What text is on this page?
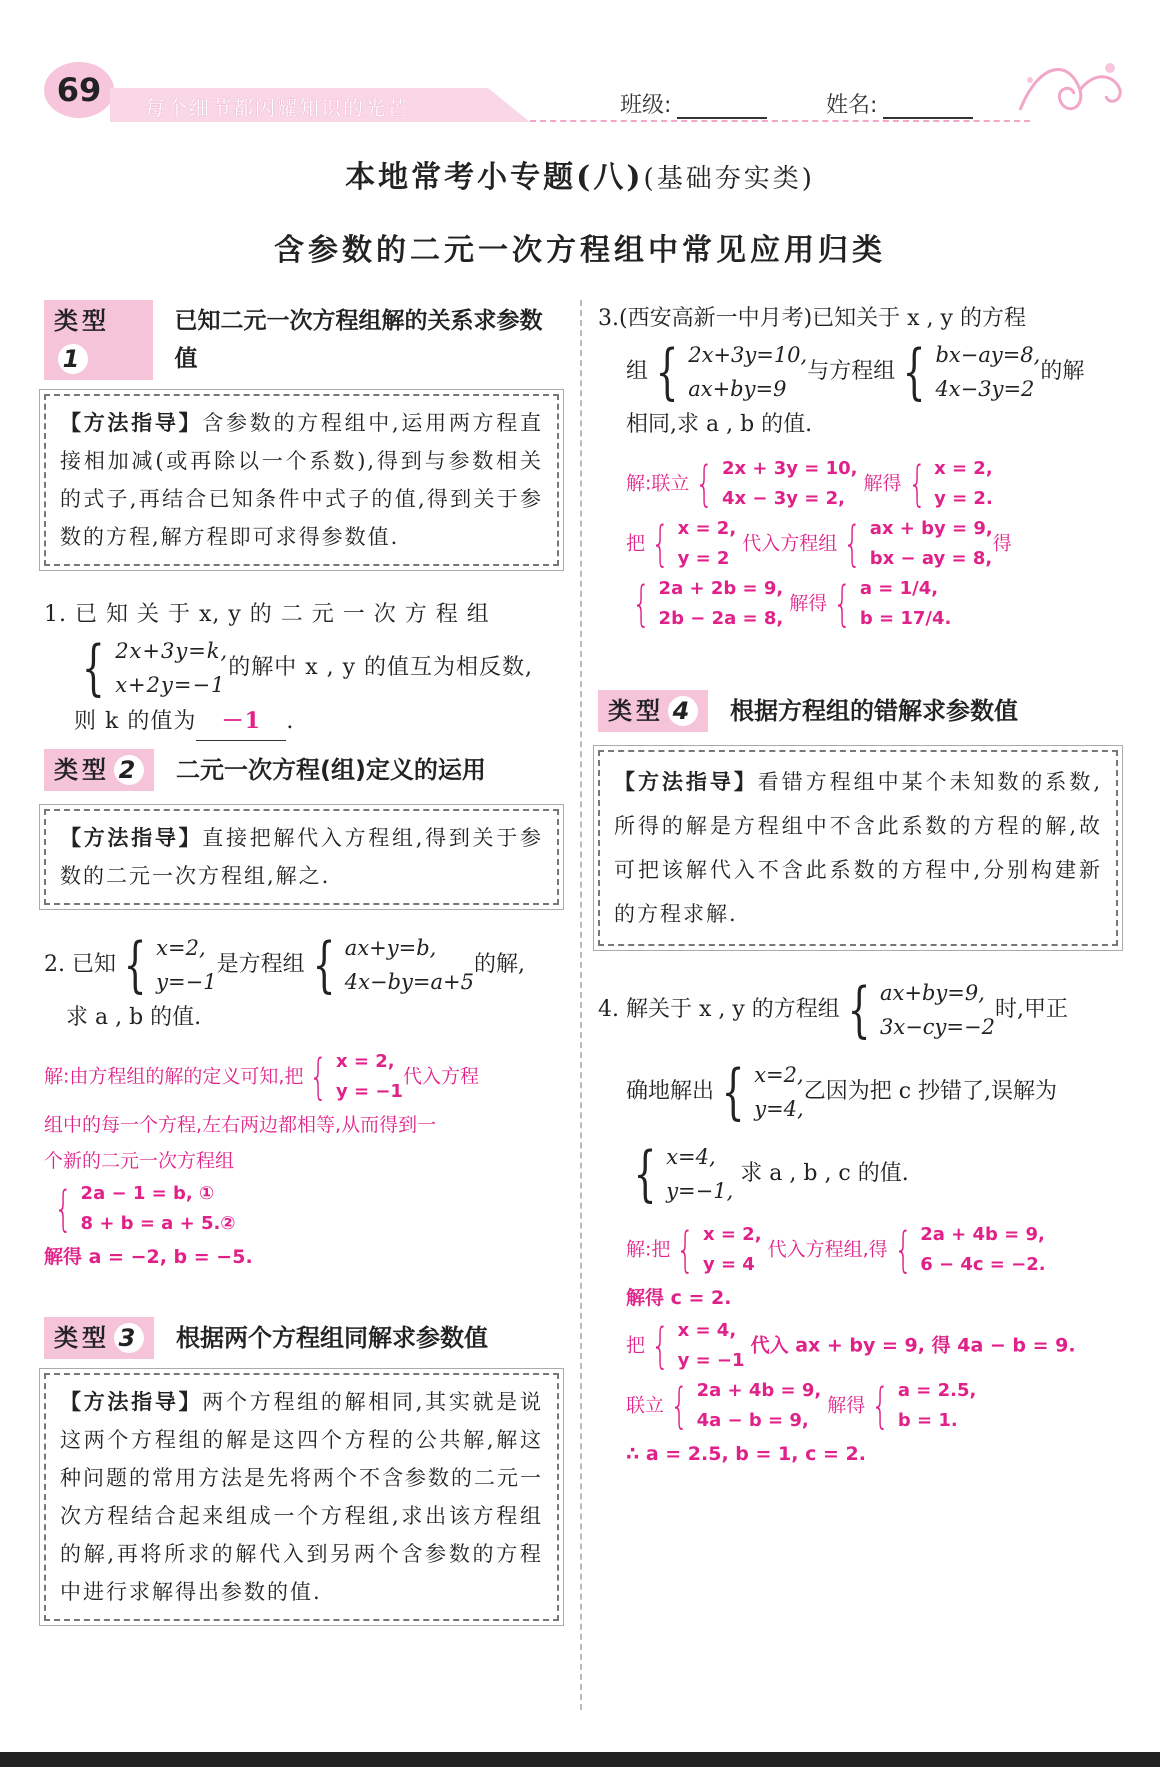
69	每个细节都闪耀知识的光芒	班级:	姓名:
本地常考小专题(八)(基础夯实类)
含参数的二元一次方程组中常见应用归类
类型1
已知二元一次方程组解的关系求参数值
【方法指导】含参数的方程组中,运用两方程直接相加减(或再除以一个系数),得到与参数相关的式子,再结合已知条件中式子的值,得到关于参数的方程,解方程即可求得参数值.
1. 已 知 关 于 x, y 的 二 元 一 次 方 程 组
{ 2x+3y=k,
x+2y=−1
的解中 x , y 的值互为相反数,
则 k 的值为 －1 .
类型 2	二元一次方程(组)定义的运用
【方法指导】直接把解代入方程组,得到关于参数的二元一次方程组,解之.
2. 已知 { x=2,
y=−1
是方程组 { ax+y=b,
4x−by=a+5
的解,
求 a , b 的值.
解:由方程组的解的定义可知,把 { x = 2,
y = −1
代入方程
组中的每一个方程,左右两边都相等,从而得到一
个新的二元一次方程组
{ 2a − 1 = b, ①
8 + b = a + 5.②
解得 a = −2, b = −5.
类型 3	根据两个方程组同解求参数值
【方法指导】两个方程组的解相同,其实就是说这两个方程组的解是这四个方程的公共解,解这种问题的常用方法是先将两个不含参数的二元一次方程结合起来组成一个方程组,求出该方程组的解,再将所求的解代入到另两个含参数的方程中进行求解得出参数的值.
3.(西安高新一中月考)已知关于 x , y 的方程
组 { 2x+3y=10,
ax+by=9
与方程组 { bx−ay=8,
4x−3y=2
的解
相同,求 a , b 的值.
解:联立 { 2x + 3y = 10,
4x − 3y = 2,
解得 { x = 2,
y = 2.
把 { x = 2,
y = 2
代入方程组 { ax + by = 9,
bx − ay = 8,
得
{ 2a + 2b = 9,
2b − 2a = 8,
解得 { a = 1/4,
b = 17/4.
类型 4	根据方程组的错解求参数值
【方法指导】看错方程组中某个未知数的系数,所得的解是方程组中不含此系数的方程的解,故可把该解代入不含此系数的方程中,分别构建新的方程求解.
4. 解关于 x , y 的方程组 { ax+by=9,
3x−cy=−2
时,甲正
确地解出 { x=2,
y=4,
乙因为把 c 抄错了,误解为
{ x=4,
y=−1,
求 a , b , c 的值.
解:把 { x = 2,
y = 4
代入方程组,得 { 2a + 4b = 9,
6 − 4c = −2.
解得 c = 2.
把 { x = 4,
y = −1
代入 ax + by = 9, 得 4a − b = 9.
联立 { 2a + 4b = 9,
4a − b = 9,
解得 { a = 2.5,
b = 1.
∴ a = 2.5, b = 1, c = 2.
